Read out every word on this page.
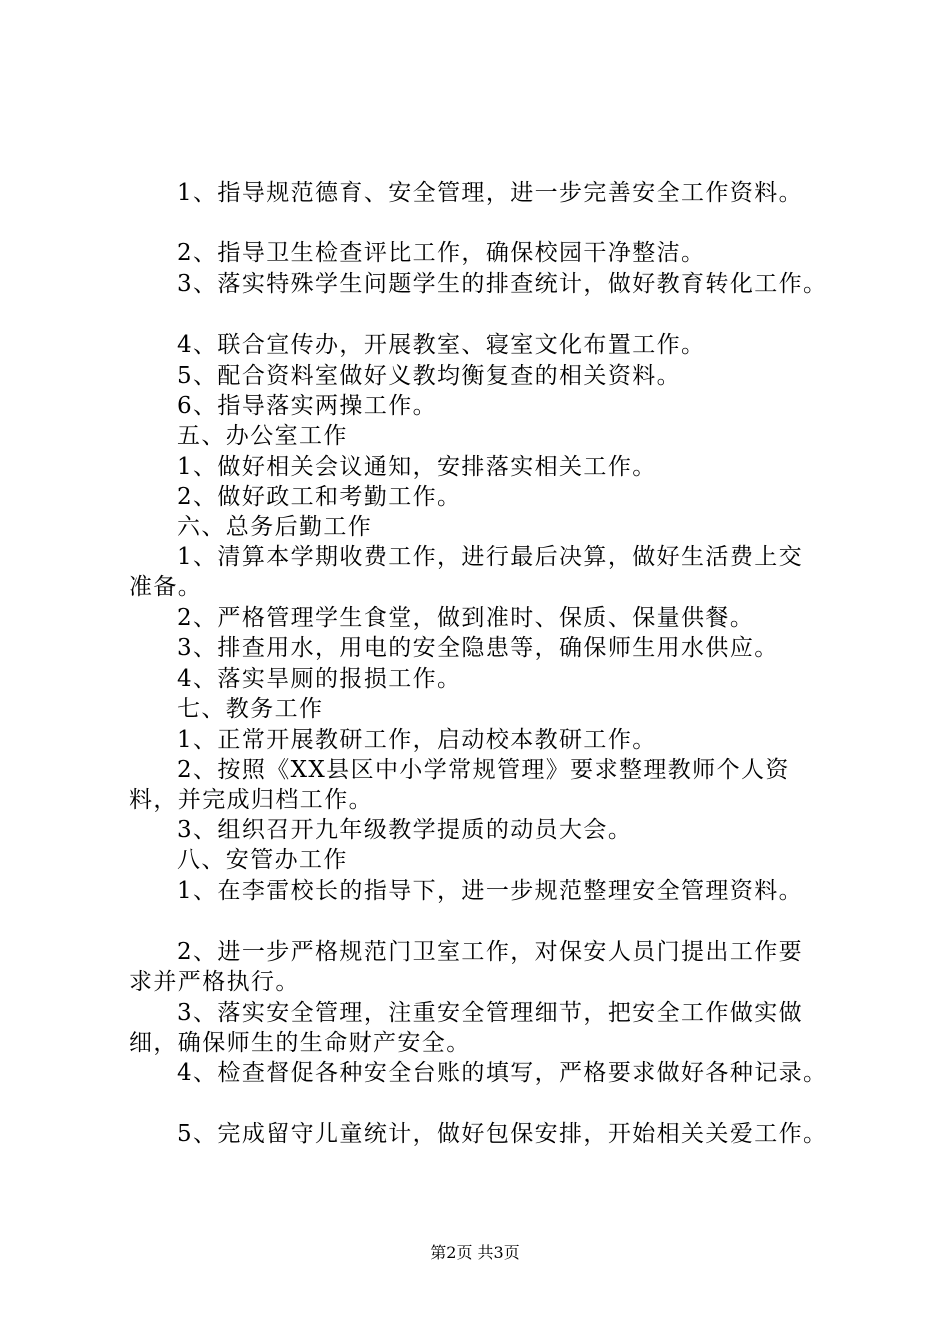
1、指导规范德育、安全管理，进一步完善安全工作资料。
2、指导卫生检查评比工作，确保校园干净整洁。
3、落实特殊学生问题学生的排查统计，做好教育转化工作。
4、联合宣传办，开展教室、寝室文化布置工作。
5、配合资料室做好义教均衡复查的相关资料。
6、指导落实两操工作。
五、办公室工作
1、做好相关会议通知，安排落实相关工作。
2、做好政工和考勤工作。
六、总务后勤工作
1、清算本学期收费工作，进行最后决算，做好生活费上交
准备。
2、严格管理学生食堂，做到准时、保质、保量供餐。
3、排查用水，用电的安全隐患等，确保师生用水供应。
4、落实旱厕的报损工作。
七、教务工作
1、正常开展教研工作，启动校本教研工作。
2、按照《XX县区中小学常规管理》要求整理教师个人资
料，并完成归档工作。
3、组织召开九年级教学提质的动员大会。
八、安管办工作
1、在李雷校长的指导下，进一步规范整理安全管理资料。
2、进一步严格规范门卫室工作，对保安人员门提出工作要
求并严格执行。
3、落实安全管理，注重安全管理细节，把安全工作做实做
细，确保师生的生命财产安全。
4、检查督促各种安全台账的填写，严格要求做好各种记录。
5、完成留守儿童统计，做好包保安排，开始相关关爱工作。
第2页 共3页
